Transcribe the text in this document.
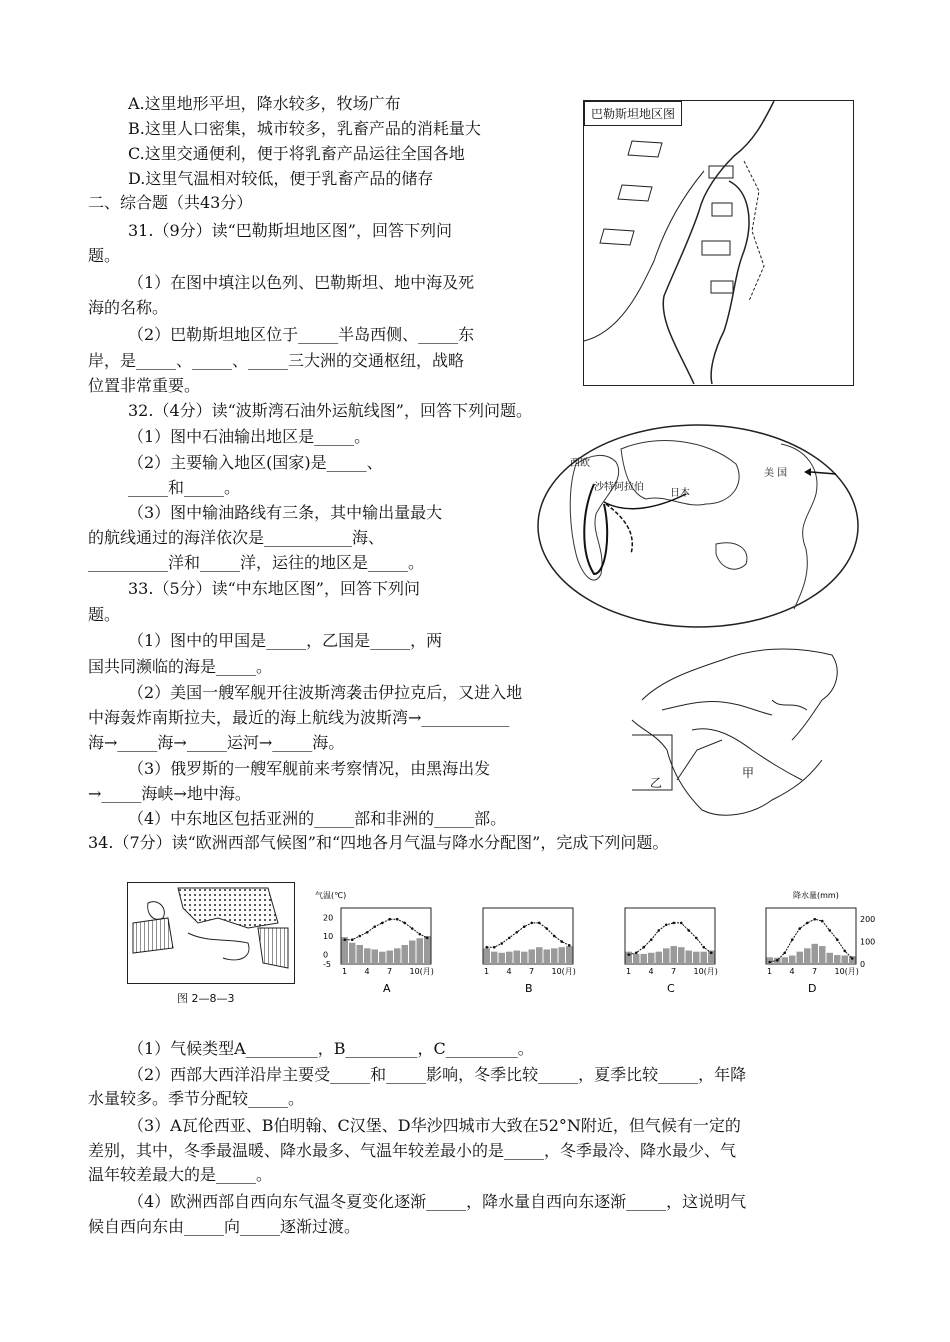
A.这里地形平坦，降水较多，牧场广布
B.这里人口密集，城市较多，乳畜产品的消耗量大
C.这里交通便利，便于将乳畜产品运往全国各地
D.这里气温相对较低，便于乳畜产品的储存
二、综合题（共43分）
31.（9分）读“巴勒斯坦地区图”，回答下列问
题。
（1）在图中填注以色列、巴勒斯坦、地中海及死
海的名称。
（2）巴勒斯坦地区位于_____半岛西侧、_____东
岸，是_____、_____、_____三大洲的交通枢纽，战略
位置非常重要。
巴勒斯坦地区图
32.（4分）读“波斯湾石油外运航线图”，回答下列问题。
（1）图中石油输出地区是_____。
（2）主要输入地区(国家)是_____、
_____和_____。
（3）图中输油路线有三条，其中输出量最大
的航线通过的海洋依次是___________海、
__________洋和_____洋，运往的地区是_____。
西欧
沙特阿拉伯
日本
美 国
33.（5分）读“中东地区图”，回答下列问
题。
（1）图中的甲国是_____，乙国是_____，两
国共同濒临的海是_____。
（2）美国一艘军舰开往波斯湾袭击伊拉克后，又进入地
中海轰炸南斯拉夫，最近的海上航线为波斯湾→___________
海→_____海→_____运河→_____海。
（3）俄罗斯的一艘军舰前来考察情况，由黑海出发
→_____海峡→地中海。
（4）中东地区包括亚洲的_____部和非洲的_____部。
乙
甲
34.（7分）读“欧洲西部气候图”和“四地各月气温与降水分配图”，完成下列问题。
图 2—8—3
1 4 7 10(月)
A
1 4 7 10(月)
B
1 4 7 10(月)
C
1 4 7 10(月)
D
气温(℃)
20
10
0
-5
降水量(mm)
200
100
0
（1）气候类型A_________，B_________，C_________。
（2）西部大西洋沿岸主要受_____和_____影响，冬季比较_____，夏季比较_____，年降
水量较多。季节分配较_____。
（3）A瓦伦西亚、B伯明翰、C汉堡、D华沙四城市大致在52°N附近，但气候有一定的
差别，其中，冬季最温暖、降水最多、气温年较差最小的是_____，冬季最冷、降水最少、气
温年较差最大的是_____。
（4）欧洲西部自西向东气温冬夏变化逐渐_____，降水量自西向东逐渐_____，这说明气
候自西向东由_____向_____逐渐过渡。
